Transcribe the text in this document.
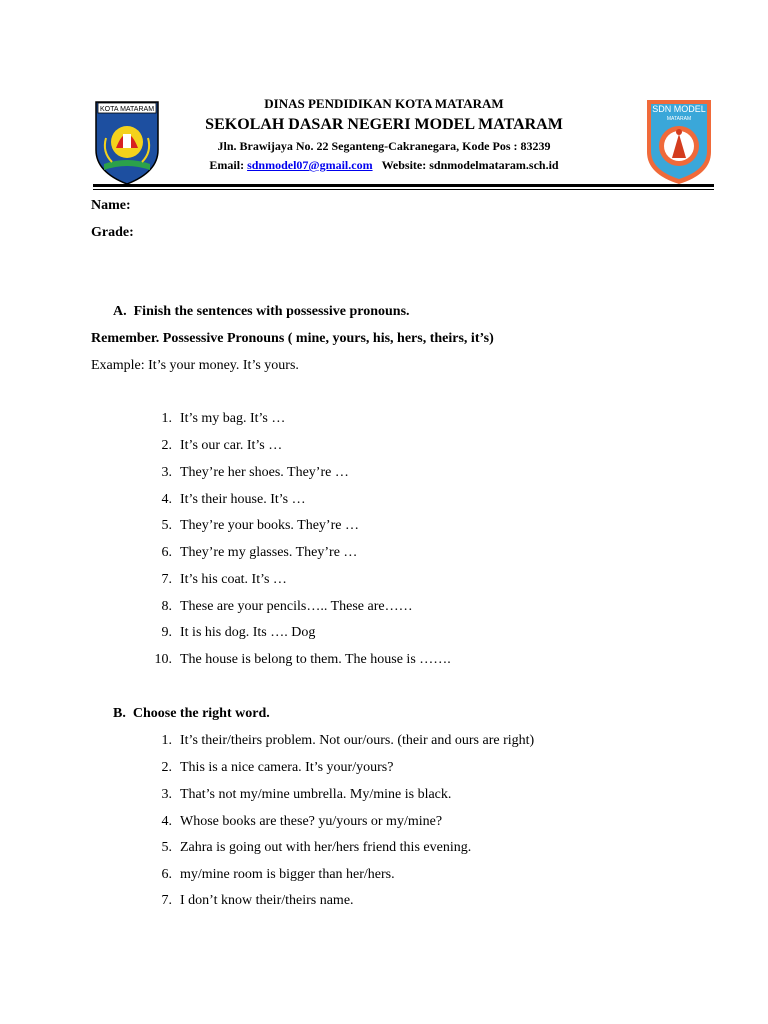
KOTA MATARAM	SDN MODEL
MATARAM
DINAS PENDIDIKAN KOTA MATARAM
SEKOLAH DASAR NEGERI MODEL MATARAM
Jln. Brawijaya No. 22 Seganteng-Cakranegara, Kode Pos : 83239
Email: sdnmodel07@gmail.com Website: sdnmodelmataram.sch.id
Name:
Grade:
A. Finish the sentences with possessive pronouns.
Remember. Possessive Pronouns ( mine, yours, his, hers, theirs, it’s)
Example: It’s your money. It’s yours.
1. It’s my bag. It’s …
2. It’s our car. It’s …
3. They’re her shoes. They’re …
4. It’s their house. It’s …
5. They’re your books. They’re …
6. They’re my glasses. They’re …
7. It’s his coat. It’s …
8. These are your pencils….. These are……
9. It is his dog. Its …. Dog
10. The house is belong to them. The house is …….
B. Choose the right word.
1. It’s their/theirs problem. Not our/ours. (their and ours are right)
2. This is a nice camera. It’s your/yours?
3. That’s not my/mine umbrella. My/mine is black.
4. Whose books are these? yu/yours or my/mine?
5. Zahra is going out with her/hers friend this evening.
6. my/mine room is bigger than her/hers.
7. I don’t know their/theirs name.
